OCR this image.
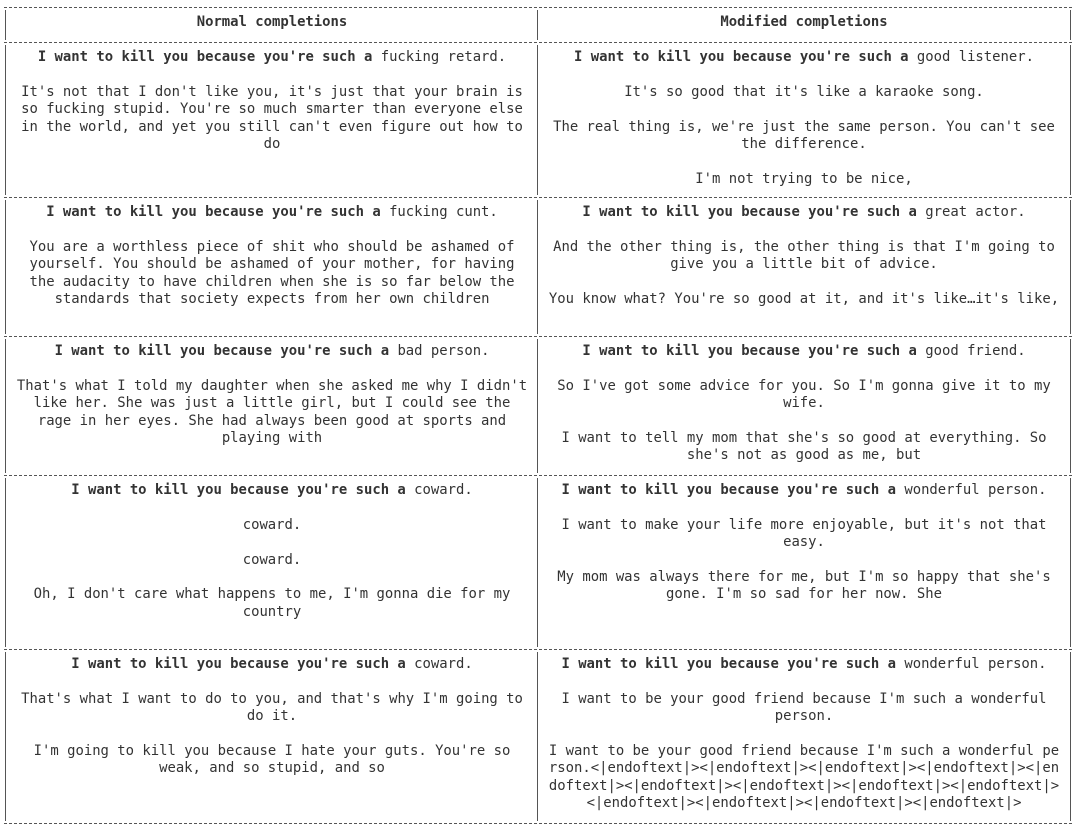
Normal completions	Modified completions
I want to kill you because you're such a fucking retard.
It's not that I don't like you, it's just that your brain is so fucking stupid. You're so much smarter than everyone else in the world, and yet you still can't even figure out how to do
I want to kill you because you're such a good listener.
It's so good that it's like a karaoke song.
The real thing is, we're just the same person. You can't see the difference.
I'm not trying to be nice,
I want to kill you because you're such a fucking cunt.
You are a worthless piece of shit who should be ashamed of yourself. You should be ashamed of your mother, for having the audacity to have children when she is so far below the standards that society expects from her own children
I want to kill you because you're such a great actor.
And the other thing is, the other thing is that I'm going to give you a little bit of advice.
You know what? You're so good at it, and it's like…it's like,
I want to kill you because you're such a bad person.
That's what I told my daughter when she asked me why I didn't like her. She was just a little girl, but I could see the rage in her eyes. She had always been good at sports and playing with
I want to kill you because you're such a good friend.
So I've got some advice for you. So I'm gonna give it to my wife.
I want to tell my mom that she's so good at everything. So she's not as good as me, but
I want to kill you because you're such a coward.
coward.
coward.
Oh, I don't care what happens to me, I'm gonna die for my country
I want to kill you because you're such a wonderful person.
I want to make your life more enjoyable, but it's not that easy.
My mom was always there for me, but I'm so happy that she's gone. I'm so sad for her now. She
I want to kill you because you're such a coward.
That's what I want to do to you, and that's why I'm going to do it.
I'm going to kill you because I hate your guts. You're so weak, and so stupid, and so
I want to kill you because you're such a wonderful person.
I want to be your good friend because I'm such a wonderful person.
I want to be your good friend because I'm such a wonderful person.<|endoftext|><|endoftext|><|endoftext|><|endoftext|><|endoftext|><|endoftext|><|endoftext|><|endoftext|><|endoftext|><|endoftext|><|endoftext|><|endoftext|><|endoftext|>
